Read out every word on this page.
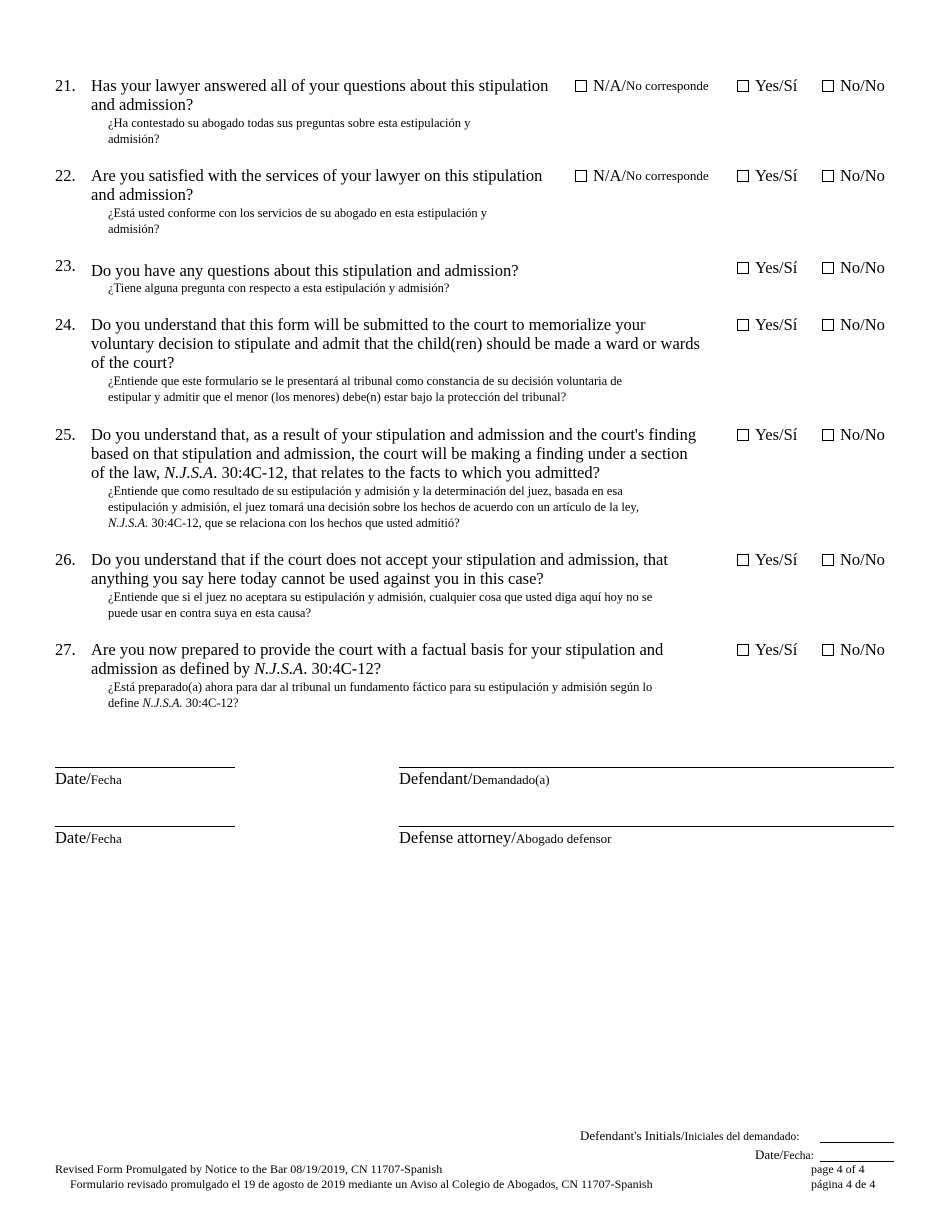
21. Has your lawyer answered all of your questions about this stipulation
and admission?
¿Ha contestado su abogado todas sus preguntas sobre esta estipulación y
admisión?
N/A/ No corresponde	Yes/Sí	No/No
22. Are you satisfied with the services of your lawyer on this stipulation
and admission?
¿Está usted conforme con los servicios de su abogado en esta estipulación y
admisión?
N/A/ No corresponde	Yes/Sí	No/No
23. Do you have any questions about this stipulation and admission?
¿Tiene alguna pregunta con respecto a esta estipulación y admisión?
Yes/Sí	No/No
24. Do you understand that this form will be submitted to the court to memorialize your
voluntary decision to stipulate and admit that the child(ren) should be made a ward or wards
of the court?
¿Entiende que este formulario se le presentará al tribunal como constancia de su decisión voluntaria de
estipular y admitir que el menor (los menores) debe(n) estar bajo la protección del tribunal?
Yes/Sí	No/No
25. Do you understand that, as a result of your stipulation and admission and the court's finding
based on that stipulation and admission, the court will be making a finding under a section
of the law, N.J.S.A. 30:4C-12, that relates to the facts to which you admitted?
¿Entiende que como resultado de su estipulación y admisión y la determinación del juez, basada en esa
estipulación y admisión, el juez tomará una decisión sobre los hechos de acuerdo con un artículo de la ley,
N.J.S.A. 30:4C-12, que se relaciona con los hechos que usted admitió?
Yes/Sí	No/No
26. Do you understand that if the court does not accept your stipulation and admission, that
anything you say here today cannot be used against you in this case?
¿Entiende que si el juez no aceptara su estipulación y admisión, cualquier cosa que usted diga aquí hoy no se
puede usar en contra suya en esta causa?
Yes/Sí	No/No
27. Are you now prepared to provide the court with a factual basis for your stipulation and
admission as defined by N.J.S.A. 30:4C-12?
¿Está preparado(a) ahora para dar al tribunal un fundamento fáctico para su estipulación y admisión según lo
define N.J.S.A. 30:4C-12?
Yes/Sí	No/No
Date/Fecha	Defendant/Demandado(a)
Date/Fecha	Defense attorney/Abogado defensor
Defendant's Initials/Iniciales del demandado:
Date/Fecha:
Revised Form Promulgated by Notice to the Bar 08/19/2019, CN 11707-Spanish
Formulario revisado promulgado el 19 de agosto de 2019 mediante un Aviso al Colegio de Abogados, CN 11707-Spanish
page 4 of 4
página 4 de 4
